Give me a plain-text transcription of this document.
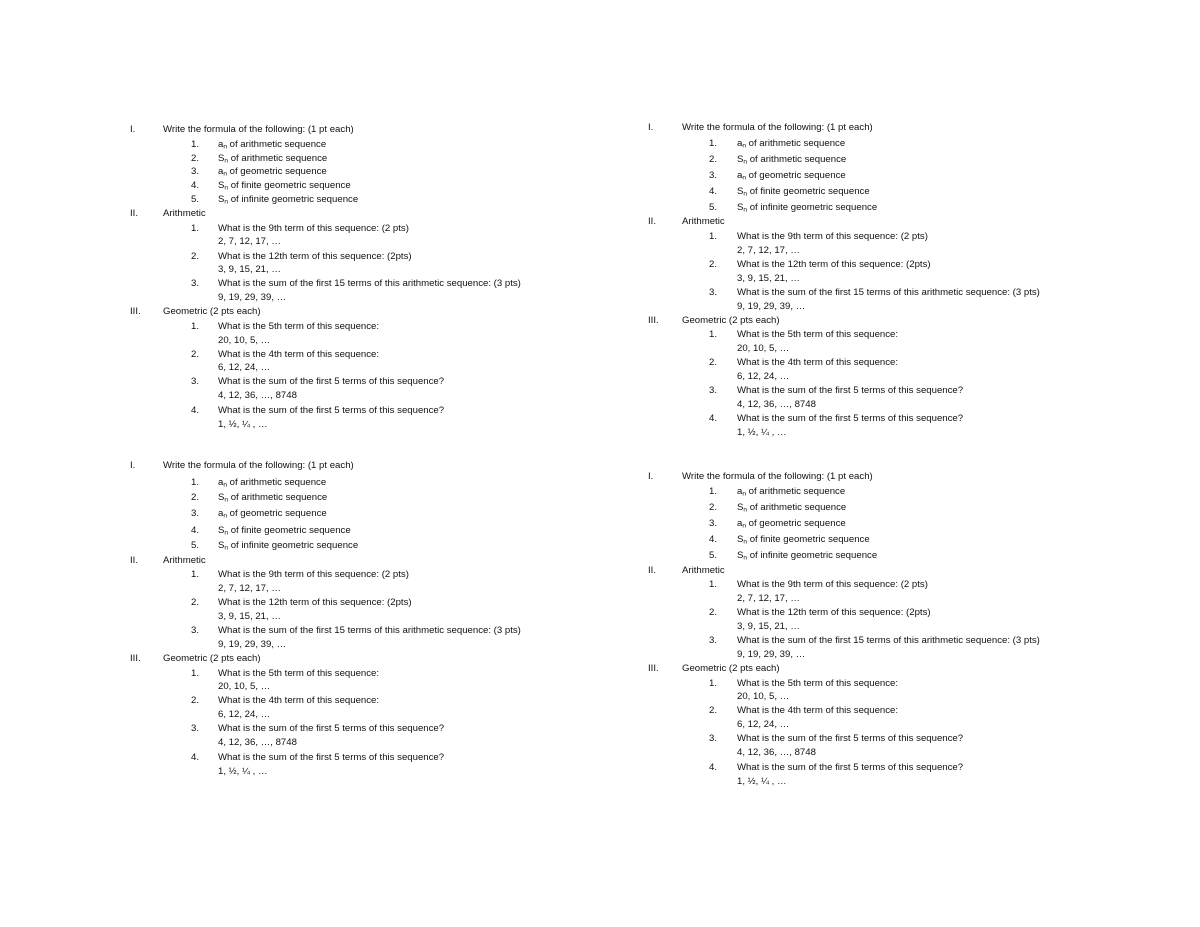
I.	Write the formula of the following: (1 pt each)
1. $a_n$ of arithmetic sequence
2. $S_n$ of arithmetic sequence
3. $a_n$ of geometric sequence
4. $S_n$ of finite geometric sequence
5. $S_n$ of infinite geometric sequence
II.	Arithmetic
1. What is the 9th term of this sequence: (2 pts)
2, 7, 12, 17, …
2. What is the 12th term of this sequence: (2pts)
3, 9, 15, 21, …
3. What is the sum of the first 15 terms of this arithmetic sequence: (3 pts)
9, 19, 29, 39, …
III. Geometric (2 pts each)
1. What is the 5th term of this sequence:
20, 10, 5, …
2. What is the 4th term of this sequence:
6, 12, 24, …
3. What is the sum of the first 5 terms of this sequence?
4, 12, 36, …, 8748
4. What is the sum of the first 5 terms of this sequence?
1, ½, ¼ , …
I.	Write the formula of the following: (1 pt each)
1. $a_n$ of arithmetic sequence
2. $S_n$ of arithmetic sequence
3. $a_n$ of geometric sequence
4. $S_n$ of finite geometric sequence
5. $S_n$ of infinite geometric sequence
II.	Arithmetic
1. What is the 9th term of this sequence: (2 pts)
2, 7, 12, 17, …
2. What is the 12th term of this sequence: (2pts)
3, 9, 15, 21, …
3. What is the sum of the first 15 terms of this arithmetic sequence: (3 pts)
9, 19, 29, 39, …
III. Geometric (2 pts each)
1. What is the 5th term of this sequence:
20, 10, 5, …
2. What is the 4th term of this sequence:
6, 12, 24, …
3. What is the sum of the first 5 terms of this sequence?
4, 12, 36, …, 8748
4. What is the sum of the first 5 terms of this sequence?
1, ½, ¼ , …
I.	Write the formula of the following: (1 pt each)
1. $a_n$ of arithmetic sequence
2. $S_n$ of arithmetic sequence
3. $a_n$ of geometric sequence
4. $S_n$ of finite geometric sequence
5. $S_n$ of infinite geometric sequence
II.	Arithmetic
1. What is the 9th term of this sequence: (2 pts)
2, 7, 12, 17, …
2. What is the 12th term of this sequence: (2pts)
3, 9, 15, 21, …
3. What is the sum of the first 15 terms of this arithmetic sequence: (3 pts)
9, 19, 29, 39, …
III. Geometric (2 pts each)
1. What is the 5th term of this sequence:
20, 10, 5, …
2. What is the 4th term of this sequence:
6, 12, 24, …
3. What is the sum of the first 5 terms of this sequence?
4, 12, 36, …, 8748
4. What is the sum of the first 5 terms of this sequence?
1, ½, ¼ , …
I.	Write the formula of the following: (1 pt each)
1. $a_n$ of arithmetic sequence
2. $S_n$ of arithmetic sequence
3. $a_n$ of geometric sequence
4. $S_n$ of finite geometric sequence
5. $S_n$ of infinite geometric sequence
II.	Arithmetic
1. What is the 9th term of this sequence: (2 pts)
2, 7, 12, 17, …
2. What is the 12th term of this sequence: (2pts)
3, 9, 15, 21, …
3. What is the sum of the first 15 terms of this arithmetic sequence: (3 pts)
9, 19, 29, 39, …
III. Geometric (2 pts each)
1. What is the 5th term of this sequence:
20, 10, 5, …
2. What is the 4th term of this sequence:
6, 12, 24, …
3. What is the sum of the first 5 terms of this sequence?
4, 12, 36, …, 8748
4. What is the sum of the first 5 terms of this sequence?
1, ½, ¼ , …
